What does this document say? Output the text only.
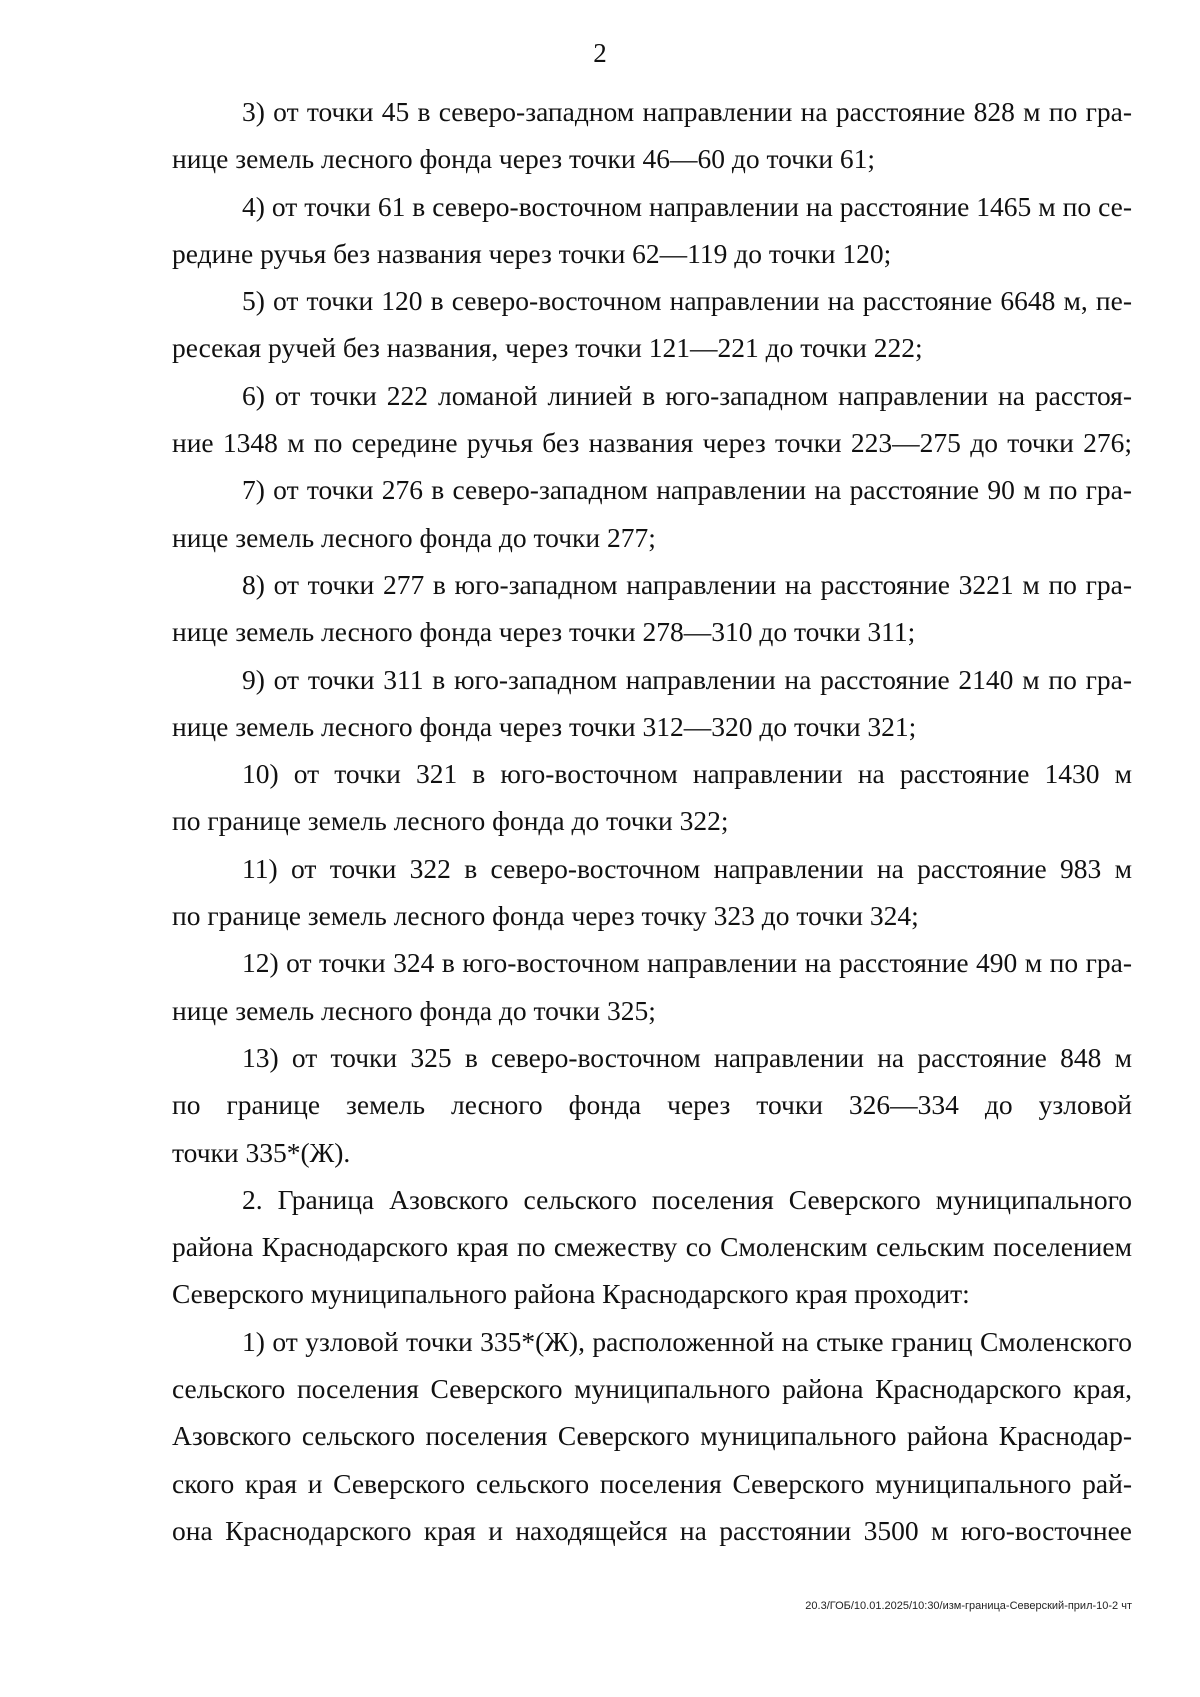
2
3) от точки 45 в северо-западном направлении на расстояние 828 м по гра-
нице земель лесного фонда через точки 46—60 до точки 61;
4) от точки 61 в северо-восточном направлении на расстояние 1465 м по се-
редине ручья без названия через точки 62—119 до точки 120;
5) от точки 120 в северо-восточном направлении на расстояние 6648 м, пе-
ресекая ручей без названия, через точки 121—221 до точки 222;
6) от точки 222 ломаной линией в юго-западном направлении на расстоя-
ние 1348 м по середине ручья без названия через точки 223—275 до точки 276;
7) от точки 276 в северо-западном направлении на расстояние 90 м по гра-
нице земель лесного фонда до точки 277;
8) от точки 277 в юго-западном направлении на расстояние 3221 м по гра-
нице земель лесного фонда через точки 278—310 до точки 311;
9) от точки 311 в юго-западном направлении на расстояние 2140 м по гра-
нице земель лесного фонда через точки 312—320 до точки 321;
10) от точки 321 в юго-восточном направлении на расстояние 1430 м
по границе земель лесного фонда до точки 322;
11) от точки 322 в северо-восточном направлении на расстояние 983 м
по границе земель лесного фонда через точку 323 до точки 324;
12) от точки 324 в юго-восточном направлении на расстояние 490 м по гра-
нице земель лесного фонда до точки 325;
13) от точки 325 в северо-восточном направлении на расстояние 848 м
по границе земель лесного фонда через точки 326—334 до узловой
точки 335*(Ж).
2. Граница Азовского сельского поселения Северского муниципального
района Краснодарского края по смежеству со Смоленским сельским поселением
Северского муниципального района Краснодарского края проходит:
1) от узловой точки 335*(Ж), расположенной на стыке границ Смоленского
сельского поселения Северского муниципального района Краснодарского края,
Азовского сельского поселения Северского муниципального района Краснодар-
ского края и Северского сельского поселения Северского муниципального рай-
она Краснодарского края и находящейся на расстоянии 3500 м юго-восточнее
20.3/ГОБ/10.01.2025/10:30/изм-граница-Северский-прил-10-2 чт
